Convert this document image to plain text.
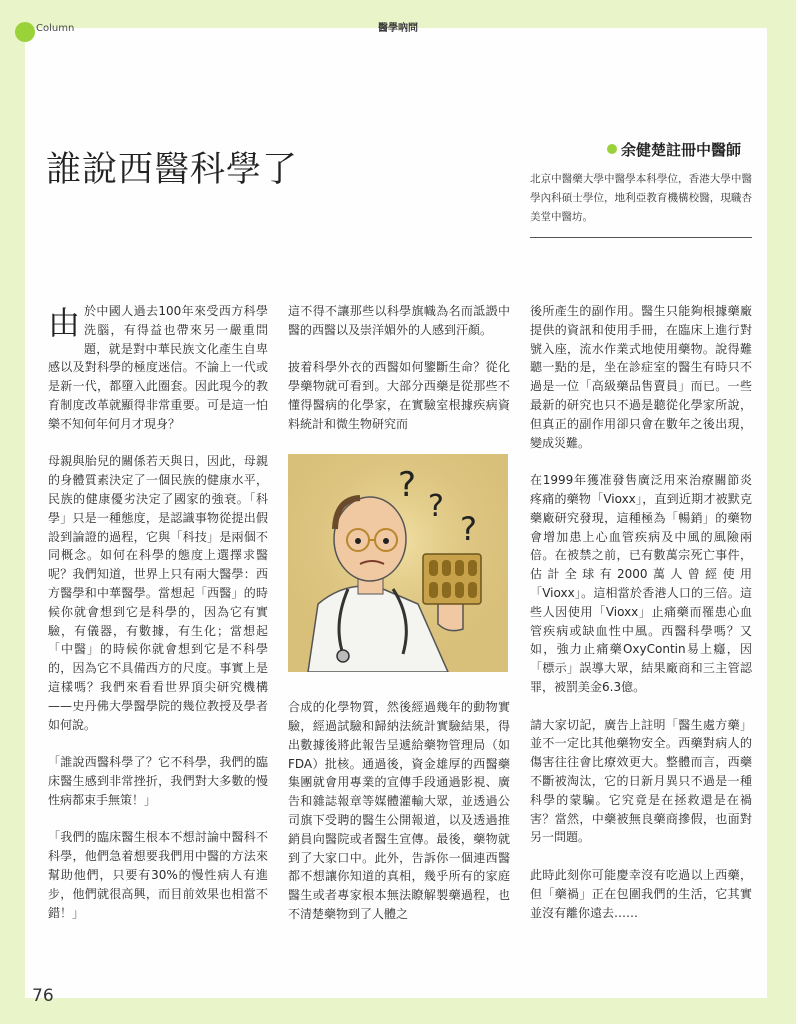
Column	醫學吶問
誰說西醫科學了	余健楚註冊中醫師
北京中醫藥大學中醫學本科學位，香港大學中醫學內科碩士學位，地利亞教育機構校醫，現職杏美堂中醫坊。

由於中國人過去100年來受西方科學洗腦，有得益也帶來另一嚴重問題，就是對中華民族文化產生自卑感以及對科學的極度迷信。不論上一代或是新一代，都墮入此圈套。因此現今的教育制度改革就顯得非常重要。可是這一怕樂不知何年何月才現身？

母親與胎兒的關係若天與日，因此，母親的身體質素決定了一個民族的健康水平，民族的健康優劣決定了國家的強衰。「科學」只是一種態度，是認識事物從提出假設到論證的過程，它與「科技」是兩個不同概念。如何在科學的態度上選擇求醫呢？我們知道，世界上只有兩大醫學：西方醫學和中華醫學。當想起「西醫」的時候你就會想到它是科學的，因為它有實驗，有儀器，有數據，有生化；當想起「中醫」的時候你就會想到它是不科學的，因為它不具備西方的尺度。事實上是這樣嗎？我們來看看世界頂尖研究機構——史丹佛大學醫學院的幾位教授及學者如何說。

「誰說西醫科學了？它不科學，我們的臨床醫生感到非常挫折，我們對大多數的慢性病都束手無策！」

「我們的臨床醫生根本不想討論中醫科不科學，他們急着想要我們用中醫的方法來幫助他們，只要有30%的慢性病人有進步，他們就很高興，而目前效果也相當不錯！」

這不得不讓那些以科學旗幟為名而詆譭中醫的西醫以及崇洋媚外的人感到汗顏。

披着科學外衣的西醫如何鑒斷生命？從化學藥物就可看到。大部分西藥是從那些不懂得醫病的化學家，在實驗室根據疾病資料統計和微生物研究而

?
?
?

合成的化學物質，然後經過幾年的動物實驗，經過試驗和歸納法統計實驗結果，得出數據後將此報告呈遞給藥物管理局（如FDA）批核。通過後，資金雄厚的西醫藥集團就會用專業的宣傳手段通過影視、廣告和雜誌報章等媒體灌輸大眾，並透過公司旗下受聘的醫生公開報道，以及透過推銷員向醫院或者醫生宣傳。最後，藥物就到了大家口中。此外，告訴你一個連西醫都不想讓你知道的真相，幾乎所有的家庭醫生或者專家根本無法瞭解製藥過程，也不清楚藥物到了人體之

後所產生的副作用。醫生只能夠根據藥廠提供的資訊和使用手冊，在臨床上進行對號入座，流水作業式地使用藥物。說得難聽一點的是，坐在診症室的醫生有時只不過是一位「高級藥品售賣員」而已。一些最新的研究也只不過是聽從化學家所說，但真正的副作用卻只會在數年之後出現，變成災難。

在1999年獲准發售廣泛用來治療關節炎疼痛的藥物「Vioxx」，直到近期才被默克藥廠研究發現，這種極為「暢銷」的藥物會增加患上心血管疾病及中風的風險兩倍。在被禁之前，已有數萬宗死亡事件，估計全球有2000萬人曾經使用「Vioxx」。這相當於香港人口的三倍。這些人因使用「Vioxx」止痛藥而罹患心血管疾病或缺血性中風。西醫科學嗎？又如，強力止痛藥OxyContin易上癮，因「標示」誤導大眾，結果廠商和三主管認罪，被罰美金6.3億。

請大家切記，廣告上註明「醫生處方藥」並不一定比其他藥物安全。西藥對病人的傷害往往會比療效更大。整體而言，西藥不斷被淘汰，它的日新月異只不過是一種科學的蒙騙。它究竟是在拯救還是在禍害？當然，中藥被無良藥商摻假，也面對另一問題。

此時此刻你可能慶幸沒有吃過以上西藥，但「藥禍」正在包圍我們的生活，它其實並沒有離你遠去……

76
